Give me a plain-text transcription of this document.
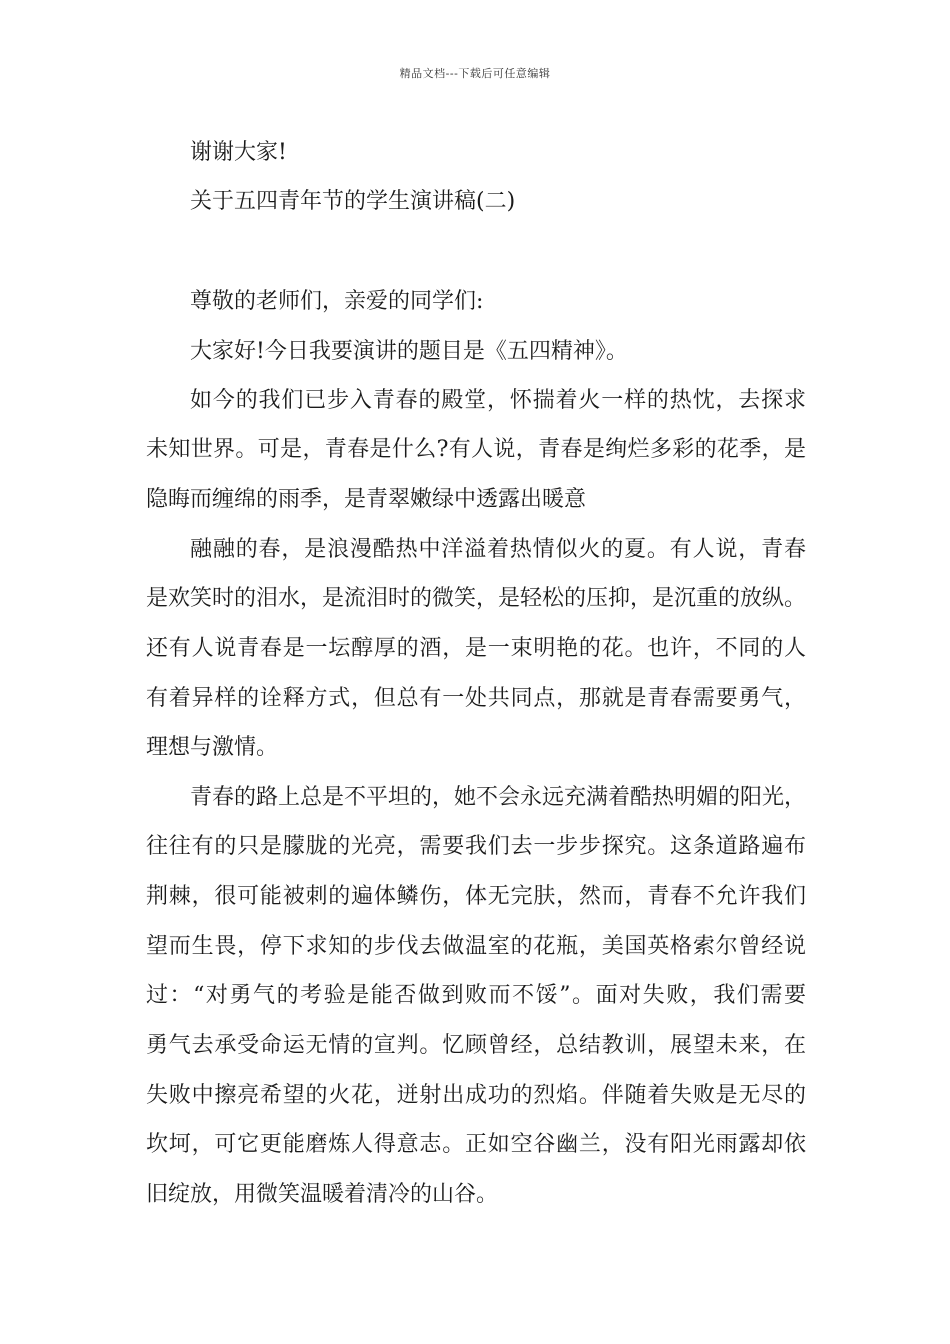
精品文档---下载后可任意编辑
谢谢大家!
关于五四青年节的学生演讲稿(二)
尊敬的老师们，亲爱的同学们:
大家好!今日我要演讲的题目是《五四精神》。
如今的我们已步入青春的殿堂，怀揣着火一样的热忱，去探求
未知世界。可是，青春是什么?有人说，青春是绚烂多彩的花季，是
隐晦而缠绵的雨季，是青翠嫩绿中透露出暖意
融融的春，是浪漫酷热中洋溢着热情似火的夏。有人说，青春
是欢笑时的泪水，是流泪时的微笑，是轻松的压抑，是沉重的放纵。
还有人说青春是一坛醇厚的酒，是一束明艳的花。也许，不同的人
有着异样的诠释方式，但总有一处共同点，那就是青春需要勇气，
理想与激情。
青春的路上总是不平坦的，她不会永远充满着酷热明媚的阳光，
往往有的只是朦胧的光亮，需要我们去一步步探究。这条道路遍布
荆棘，很可能被刺的遍体鳞伤，体无完肤，然而，青春不允许我们
望而生畏，停下求知的步伐去做温室的花瓶，美国英格索尔曾经说
过：“对勇气的考验是能否做到败而不馁”。面对失败，我们需要
勇气去承受命运无情的宣判。忆顾曾经，总结教训，展望未来，在
失败中擦亮希望的火花，迸射出成功的烈焰。伴随着失败是无尽的
坎坷，可它更能磨炼人得意志。正如空谷幽兰，没有阳光雨露却依
旧绽放，用微笑温暖着清冷的山谷。
